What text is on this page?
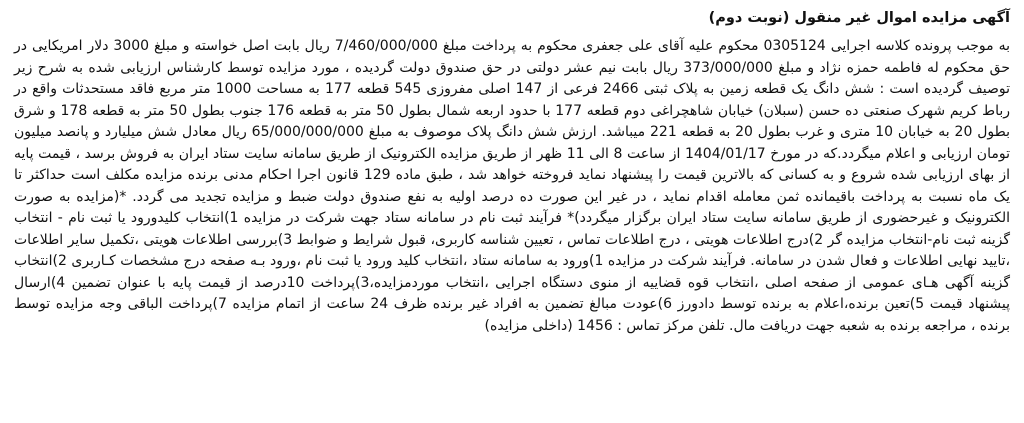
آگهی مزایده اموال غیر منقول (نوبت دوم)

به موجب پرونده کلاسه اجرایی 0305124 محکوم علیه آقای علی جعفری محکوم به پرداخت مبلغ 7/460/000/000 ریال بابت اصل خواسته و مبلغ 3000 دلار امریکایی در حق محکوم له فاطمه حمزه نژاد و مبلغ 373/000/000 ریال بابت نیم عشر دولتی در حق صندوق دولت گردیده ، مورد مزایده توسط کارشناس ارزیابی شده به شرح زیر توصیف گردیده است : شش دانگ یک قطعه زمین به پلاک ثبتی 2466 فرعی از 147 اصلی مفروزی 545 قطعه 177 به مساحت 1000 متر مربع فاقد مستحدثات واقع در رباط کریم شهرک صنعتی ده حسن (سبلان) خیابان شاهچراغی دوم قطعه 177 با حدود اربعه شمال بطول 50 متر به قطعه 176 جنوب بطول 50 متر به قطعه 178 و شرق بطول 20 به خیابان 10 متری و غرب بطول 20 به قطعه 221 میباشد. ارزش شش دانگ پلاک موصوف به مبلغ 65/000/000/000 ریال معادل شش میلیارد و پانصد میلیون تومان ارزیابی و اعلام میگردد.که در مورخ 1404/01/17 از ساعت 8 الی 11 ظهر از طریق مزایده الکترونیک از طریق سامانه سایت ستاد ایران به فروش برسد ، قیمت پایه از بهای ارزیابی شده شروع و به کسانی که بالاترین قیمت را پیشنهاد نماید فروخته خواهد شد ، طبق ماده 129 قانون اجرا احکام مدنی برنده مزایده مکلف است حداکثر تا یک ماه نسبت به پرداخت باقیمانده ثمن معامله اقدام نماید ، در غیر این صورت ده درصد اولیه به نفع صندوق دولت ضبط و مزایده تجدید می گردد. *(مزایده به صورت الکترونیک و غیرحضوری از طریق سامانه سایت ستاد ایران برگزار میگردد)* فرآیند ثبت نام در سامانه ستاد جهت شرکت در مزایده 1)انتخاب کلیدورود یا ثبت نام - انتخاب گزینه ثبت نام-انتخاب مزایده گر 2)درج اطلاعات هویتی ، درج اطلاعات تماس ، تعیین شناسه کاربری، قبول شرایط و ضوابط 3)بررسی اطلاعات هویتی ،تکمیل سایر اطلاعات ،تایید نهایی اطلاعات و فعال شدن در سامانه. فرآیند شرکت در مزایده 1)ورود به سامانه ستاد ،انتخاب کلید ورود یا ثبت نام ،ورود بـه صفحه درج مشخصات کـاربری 2)انتخاب گزینه آگهی هـای عمومی از صفحه اصلی ،انتخاب قوه قضاییه از منوی دستگاه اجرایی ،انتخاب موردمزایده،3)پرداخت 10درصد از قیمت پایه با عنوان تضمین 4)ارسال پیشنهاد قیمت 5)تعین برنده،اعلام به برنده توسط دادورز 6)عودت مبالغ تضمین به افراد غیر برنده ظرف 24 ساعت از اتمام مزایده 7)پرداخت الباقی وجه مزایده توسط برنده ، مراجعه برنده به شعبه جهت دریافت مال. تلفن مرکز تماس : 1456 (داخلی مزایده)
